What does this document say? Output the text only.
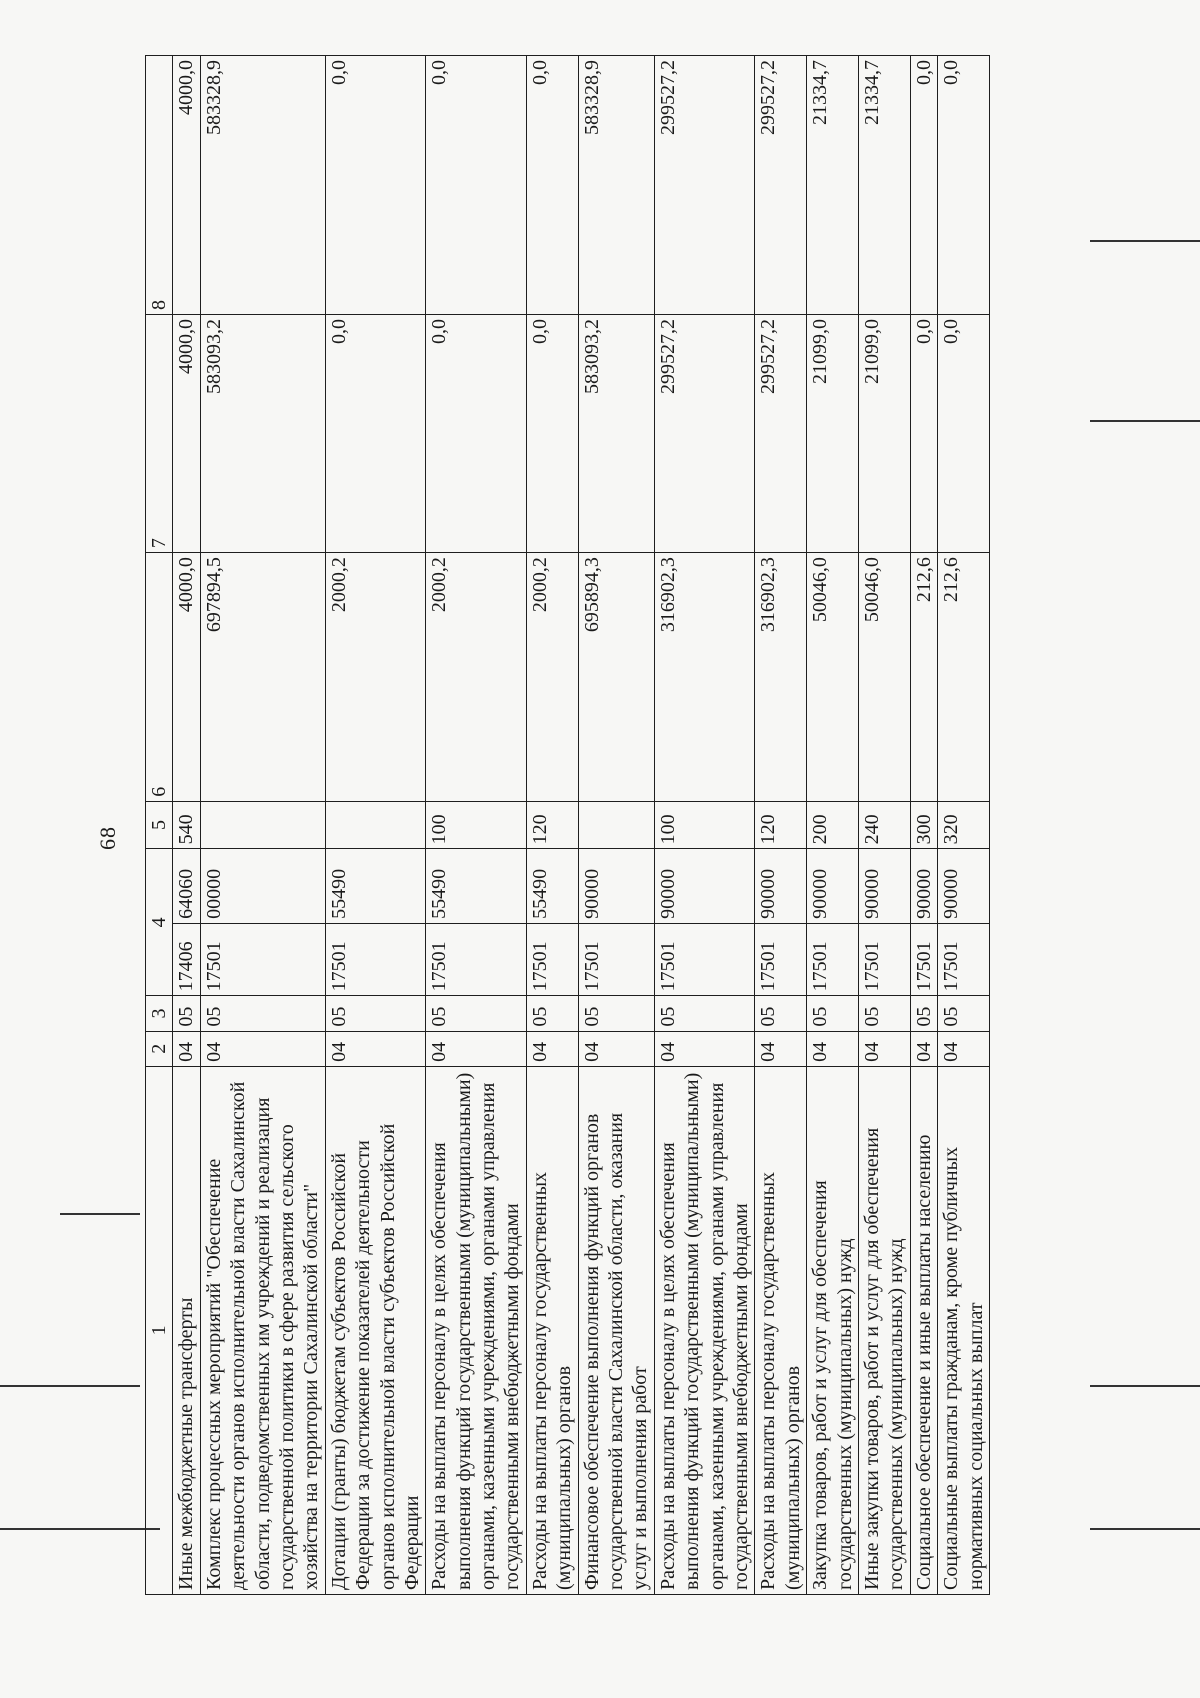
68
1	2	3	4		5	6	7	8
Иные межбюджетные трансферты	04	05	17406	64060	540	4000,0	4000,0	4000,0
Комплекс процессных мероприятий "Обеспечение деятельности органов исполнительной власти Сахалинской области, подведомственных им учреждений и реализация государственной политики в сфере развития сельского хозяйства на территории Сахалинской области"	04	05	17501	00000		697894,5	583093,2	583328,9
Дотации (гранты) бюджетам субъектов Российской Федерации за достижение показателей деятельности органов исполнительной власти субъектов Российской Федерации	04	05	17501	55490		2000,2	0,0	0,0
Расходы на выплаты персоналу в целях обеспечения выполнения функций государственными (муниципальными) органами, казенными учреждениями, органами управления государственными внебюджетными фондами	04	05	17501	55490	100	2000,2	0,0	0,0
Расходы на выплаты персоналу государственных (муниципальных) органов	04	05	17501	55490	120	2000,2	0,0	0,0
Финансовое обеспечение выполнения функций органов государственной власти Сахалинской области, оказания услуг и выполнения работ	04	05	17501	90000		695894,3	583093,2	583328,9
Расходы на выплаты персоналу в целях обеспечения выполнения функций государственными (муниципальными) органами, казенными учреждениями, органами управления государственными внебюджетными фондами	04	05	17501	90000	100	316902,3	299527,2	299527,2
Расходы на выплаты персоналу государственных (муниципальных) органов	04	05	17501	90000	120	316902,3	299527,2	299527,2
Закупка товаров, работ и услуг для обеспечения государственных (муниципальных) нужд	04	05	17501	90000	200	50046,0	21099,0	21334,7
Иные закупки товаров, работ и услуг для обеспечения государственных (муниципальных) нужд	04	05	17501	90000	240	50046,0	21099,0	21334,7
Социальное обеспечение и иные выплаты населению	04	05	17501	90000	300	212,6	0,0	0,0
Социальные выплаты гражданам, кроме публичных нормативных социальных выплат	04	05	17501	90000	320	212,6	0,0	0,0
